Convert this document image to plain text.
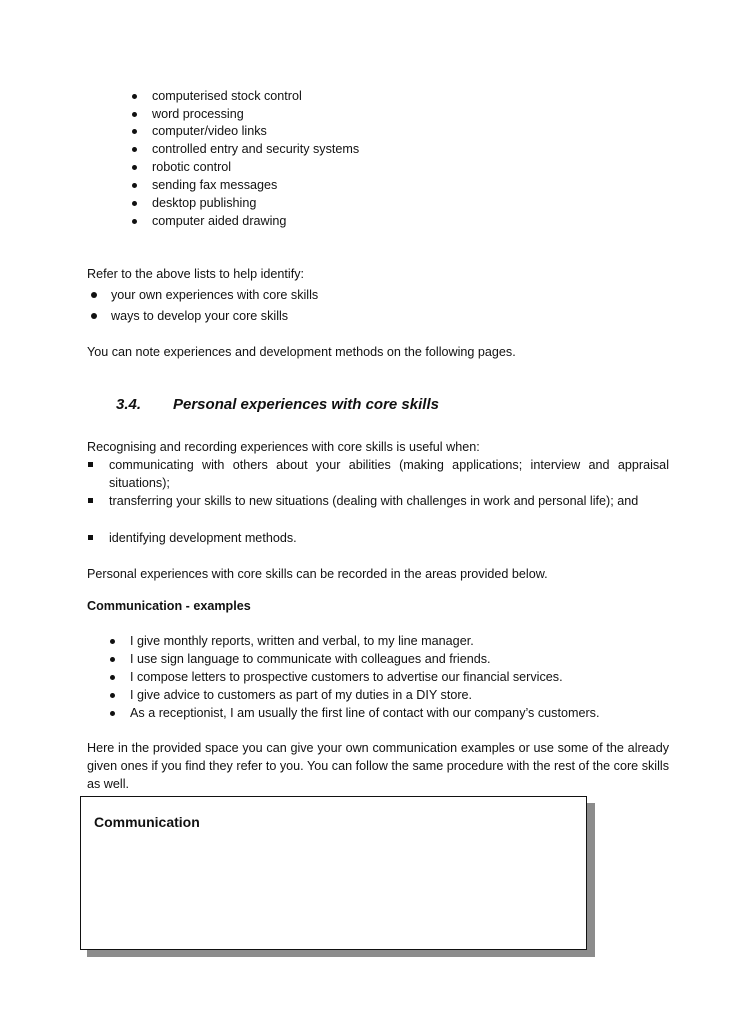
computerised stock control
word processing
computer/video links
controlled entry and security systems
robotic control
sending fax messages
desktop publishing
computer aided drawing
Refer to the above lists to help identify:
your own experiences with core skills
ways to develop your core skills
You can note experiences and development methods on the following pages.
3.4. Personal experiences with core skills
Recognising and recording experiences with core skills is useful when:
communicating with others about your abilities (making applications; interview and appraisal situations);
transferring your skills to new situations (dealing with challenges in work and personal life); and
identifying development methods.
Personal experiences with core skills can be recorded in the areas provided below.
Communication - examples
I give monthly reports, written and verbal, to my line manager.
I use sign language to communicate with colleagues and friends.
I compose letters to prospective customers to advertise our financial services.
I give advice to customers as part of my duties in a DIY store.
As a receptionist, I am usually the first line of contact with our company’s customers.
Here in the provided space you can give your own communication examples or use some of the already given ones if you find they refer to you. You can follow the same procedure with the rest of the core skills as well.
Communication
